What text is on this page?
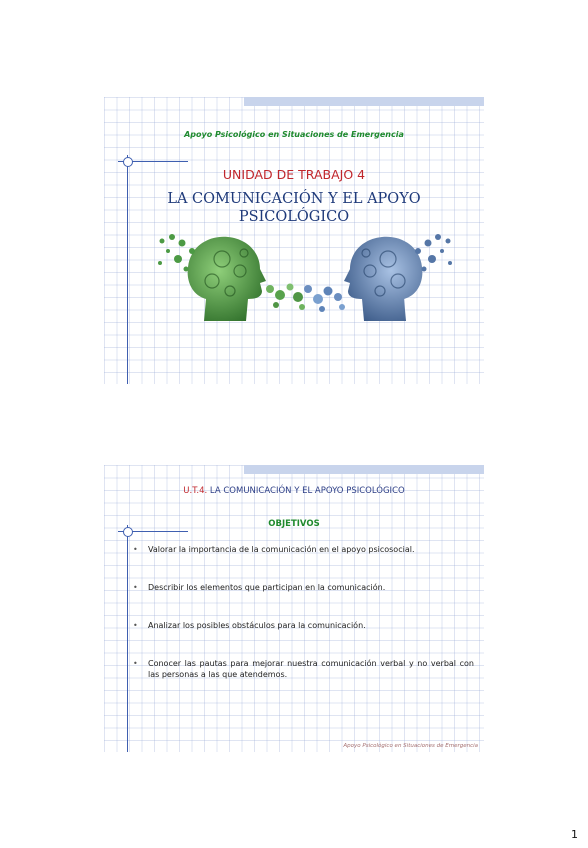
Apoyo Psicológico en Situaciones de Emergencia
UNIDAD DE TRABAJO 4
LA COMUNICACIÓN Y EL APOYO PSICOLÓGICO
U.T.4. LA COMUNICACIÓN Y EL APOYO PSICOLÓGICO
OBJETIVOS
• Valorar la importancia de la comunicación en el apoyo psicosocial.
• Describir los elementos que participan en la comunicación.
• Analizar los posibles obstáculos para la comunicación.
• Conocer las pautas para mejorar nuestra comunicación verbal y no verbal con las personas a las que atendemos.
Apoyo Psicológico en Situaciones de Emergencia
1
